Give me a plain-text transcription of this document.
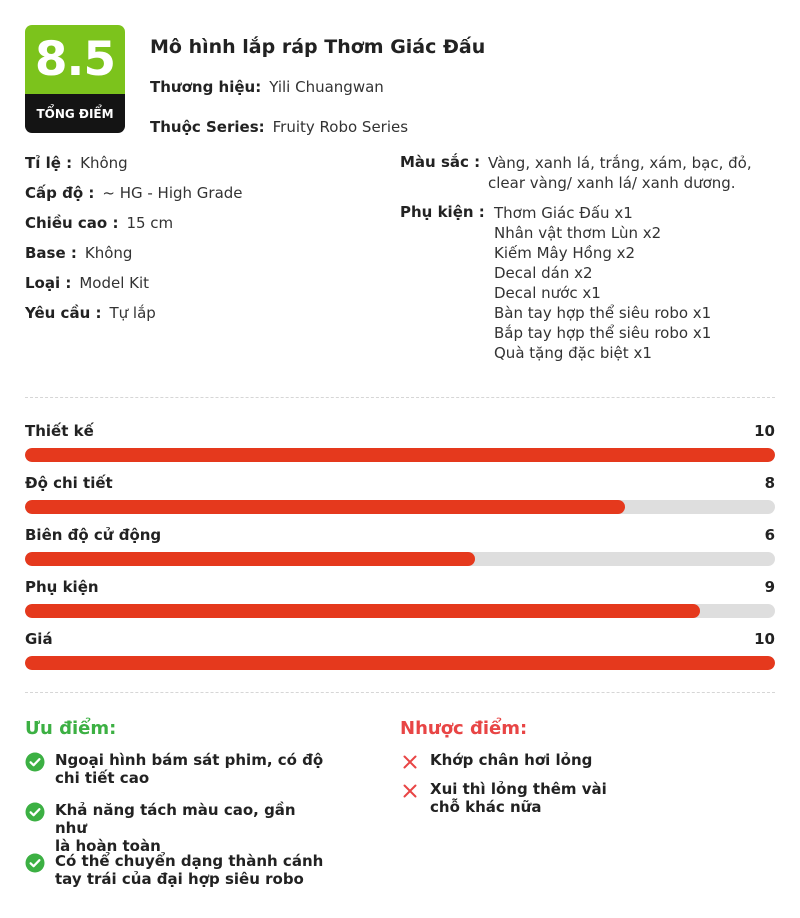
8.5
TỔNG ĐIỂM
Mô hình lắp ráp Thơm Giác Đấu
Thương hiệu: Yili Chuangwan
Thuộc Series: Fruity Robo Series
Tỉ lệ : Không
Cấp độ : ~ HG - High Grade
Chiều cao : 15 cm
Base : Không
Loại : Model Kit
Yêu cầu : Tự lắp
Màu sắc : Vàng, xanh lá, trắng, xám, bạc, đỏ,
clear vàng/ xanh lá/ xanh dương.
Phụ kiện : Thơm Giác Đấu x1
Nhân vật thơm Lùn x2
Kiếm Mây Hồng x2
Decal dán x2
Decal nước x1
Bàn tay hợp thể siêu robo x1
Bắp tay hợp thể siêu robo x1
Quà tặng đặc biệt x1
Thiết kế	10
Độ chi tiết	8
Biên độ cử động	6
Phụ kiện	9
Giá	10
Ưu điểm:	Nhược điểm:
Ngoại hình bám sát phim, có độ
chi tiết cao
Khả năng tách màu cao, gần như
là hoàn toàn
Có thể chuyển dạng thành cánh
tay trái của đại hợp siêu robo
Khớp chân hơi lỏng
Xui thì lỏng thêm vài
chỗ khác nữa
